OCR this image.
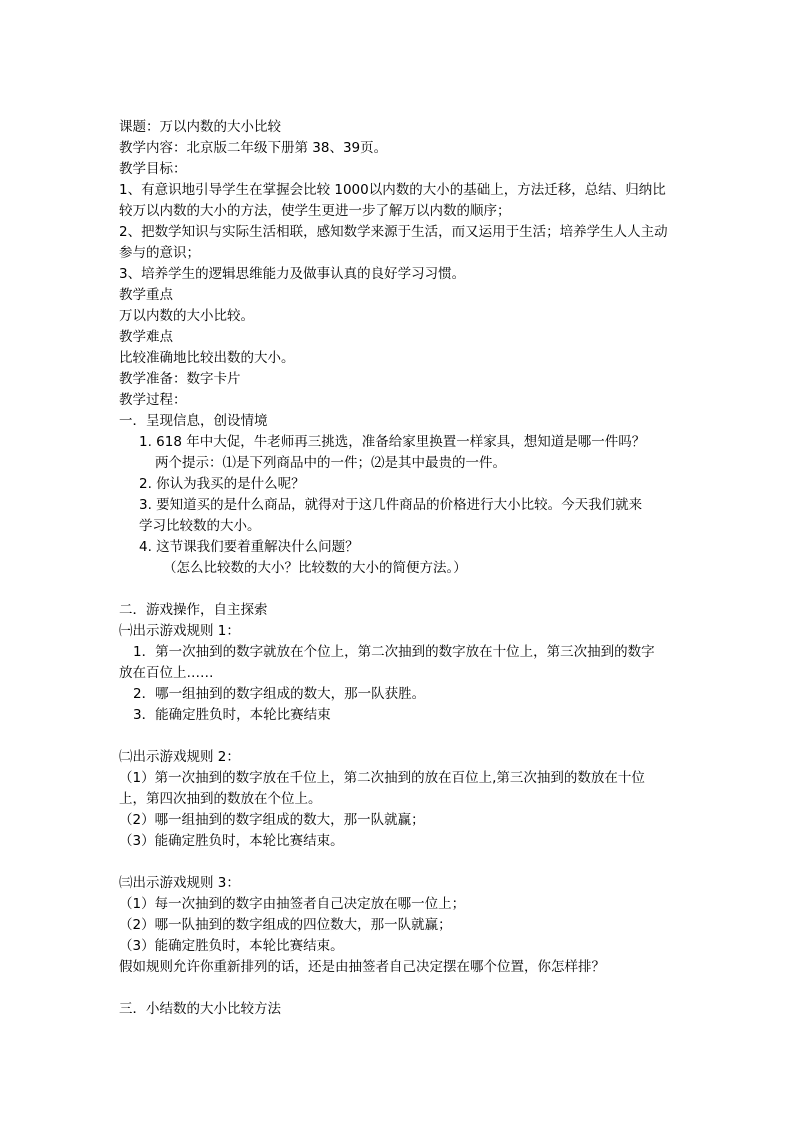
课题：万以内数的大小比较
教学内容：北京版二年级下册第 38、39页。
教学目标：
1、有意识地引导学生在掌握会比较 1000以内数的大小的基础上，方法迁移，总结、归纳比较万以内数的大小的方法，使学生更进一步了解万以内数的顺序；
2、把数学知识与实际生活相联，感知数学来源于生活，而又运用于生活；培养学生人人主动参与的意识；
3、培养学生的逻辑思维能力及做事认真的良好学习习惯。
教学重点
万以内数的大小比较。
教学难点
比较准确地比较出数的大小。
教学准备：数字卡片
教学过程：
一．呈现信息，创设情境
1. 618 年中大促，牛老师再三挑选，准备给家里换置一样家具，想知道是哪一件吗？
两个提示：⑴是下列商品中的一件；⑵是其中最贵的一件。
2. 你认为我买的是什么呢？
3. 要知道买的是什么商品，就得对于这几件商品的价格进行大小比较。今天我们就来
学习比较数的大小。
4. 这节课我们要着重解决什么问题？
（怎么比较数的大小？比较数的大小的简便方法。）
二．游戏操作，自主探索
㈠出示游戏规则 1：
1．第一次抽到的数字就放在个位上，第二次抽到的数字放在十位上，第三次抽到的数字
放在百位上……
2．哪一组抽到的数字组成的数大，那一队获胜。
3．能确定胜负时，本轮比赛结束
㈡出示游戏规则 2：
（1）第一次抽到的数字放在千位上，第二次抽到的放在百位上,第三次抽到的数放在十位
上，第四次抽到的数放在个位上。
（2）哪一组抽到的数字组成的数大，那一队就赢；
（3）能确定胜负时，本轮比赛结束。
㈢出示游戏规则 3：
（1）每一次抽到的数字由抽签者自己决定放在哪一位上；
（2）哪一队抽到的数字组成的四位数大，那一队就赢；
（3）能确定胜负时，本轮比赛结束。
假如规则允许你重新排列的话，还是由抽签者自己决定摆在哪个位置，你怎样排？
三．小结数的大小比较方法
